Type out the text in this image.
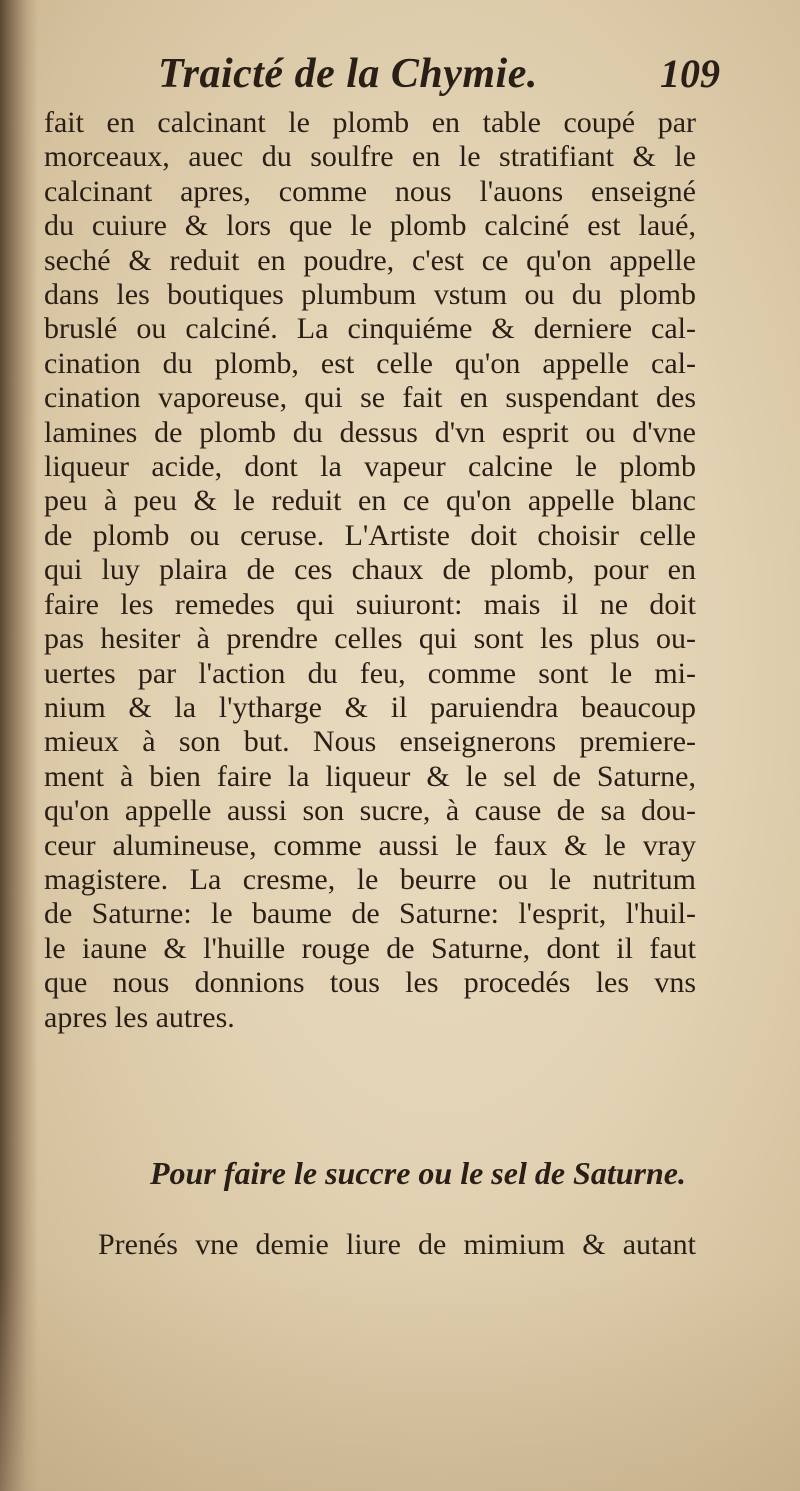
Traicté de la Chymie.	109
fait en calcinant le plomb en table coupé par
morceaux, auec du soulfre en le stratifiant & le
calcinant apres, comme nous l'auons enseigné
du cuiure & lors que le plomb calciné est laué,
seché & reduit en poudre, c'est ce qu'on appelle
dans les boutiques plumbum vstum ou du plomb
bruslé ou calciné. La cinquiéme & derniere cal-
cination du plomb, est celle qu'on appelle cal-
cination vaporeuse, qui se fait en suspendant des
lamines de plomb du dessus d'vn esprit ou d'vne
liqueur acide, dont la vapeur calcine le plomb
peu à peu & le reduit en ce qu'on appelle blanc
de plomb ou ceruse. L'Artiste doit choisir celle
qui luy plaira de ces chaux de plomb, pour en
faire les remedes qui suiuront: mais il ne doit
pas hesiter à prendre celles qui sont les plus ou-
uertes par l'action du feu, comme sont le mi-
nium & la l'ytharge & il paruiendra beaucoup
mieux à son but. Nous enseignerons premiere-
ment à bien faire la liqueur & le sel de Saturne,
qu'on appelle aussi son sucre, à cause de sa dou-
ceur alumineuse, comme aussi le faux & le vray
magistere. La cresme, le beurre ou le nutritum
de Saturne: le baume de Saturne: l'esprit, l'huil-
le iaune & l'huille rouge de Saturne, dont il faut
que nous donnions tous les procedés les vns
apres les autres.
Pour faire le succre ou le sel de Saturne.
Prenés vne demie liure de mimium & autant
